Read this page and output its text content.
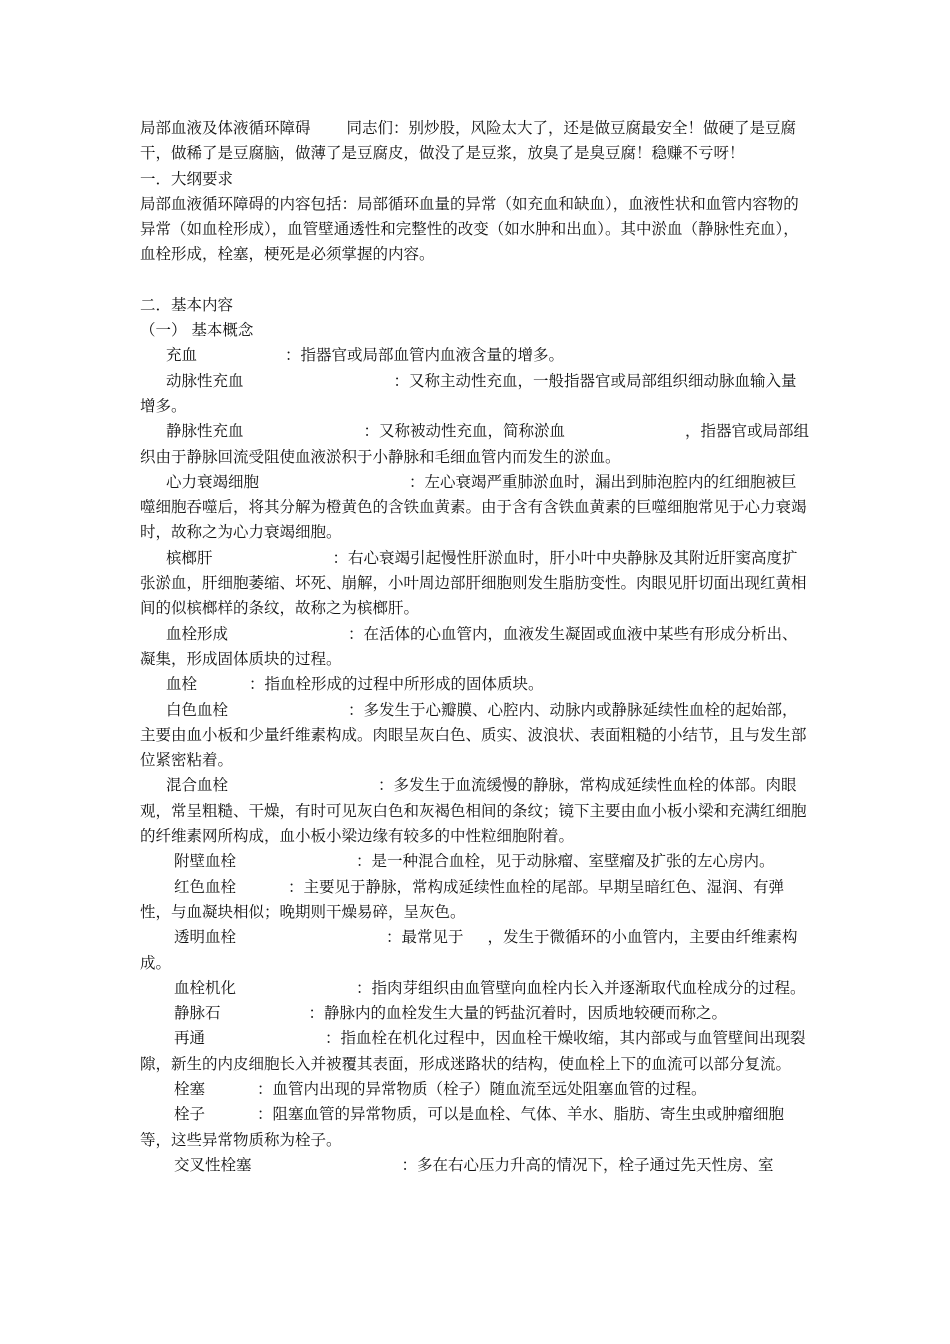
局部血液及体液循环障碍 同志们：别炒股，风险太大了，还是做豆腐最安全！做硬了是豆腐干，做稀了是豆腐脑，做薄了是豆腐皮，做没了是豆浆，放臭了是臭豆腐！稳赚不亏呀！

一．大纲要求

局部血液循环障碍的内容包括：局部循环血量的异常（如充血和缺血），血液性状和血管内容物的异常（如血栓形成），血管壁通透性和完整性的改变（如水肿和出血）。其中淤血（静脉性充血），血栓形成，栓塞，梗死是必须掌握的内容。

二．基本内容

（一） 基本概念

充血	：指器官或局部血管内血液含量的增多。

动脉性充血	：又称主动性充血，一般指器官或局部组织细动脉血输入量增多。

静脉性充血	：又称被动性充血，简称淤血	，指器官或局部组织由于静脉回流受阻使血液淤积于小静脉和毛细血管内而发生的淤血。

心力衰竭细胞	：左心衰竭严重肺淤血时，漏出到肺泡腔内的红细胞被巨噬细胞吞噬后，将其分解为橙黄色的含铁血黄素。由于含有含铁血黄素的巨噬细胞常见于心力衰竭时，故称之为心力衰竭细胞。

槟榔肝	：右心衰竭引起慢性肝淤血时，肝小叶中央静脉及其附近肝窦高度扩张淤血，肝细胞萎缩、坏死、崩解，小叶周边部肝细胞则发生脂肪变性。肉眼见肝切面出现红黄相间的似槟榔样的条纹，故称之为槟榔肝。

血栓形成	：在活体的心血管内，血液发生凝固或血液中某些有形成分析出、凝集，形成固体质块的过程。

血栓	：指血栓形成的过程中所形成的固体质块。

白色血栓	：多发生于心瓣膜、心腔内、动脉内或静脉延续性血栓的起始部，主要由血小板和少量纤维素构成。肉眼呈灰白色、质实、波浪状、表面粗糙的小结节，且与发生部位紧密粘着。

混合血栓	：多发生于血流缓慢的静脉，常构成延续性血栓的体部。肉眼观，常呈粗糙、干燥，有时可见灰白色和灰褐色相间的条纹；镜下主要由血小板小梁和充满红细胞的纤维素网所构成，血小板小梁边缘有较多的中性粒细胞附着。

附壁血栓	：是一种混合血栓，见于动脉瘤、室壁瘤及扩张的左心房内。

红色血栓	：主要见于静脉，常构成延续性血栓的尾部。早期呈暗红色、湿润、有弹性，与血凝块相似；晚期则干燥易碎，呈灰色。

透明血栓	：最常见于 ，发生于微循环的小血管内，主要由纤维素构成。

血栓机化	：指肉芽组织由血管壁向血栓内长入并逐渐取代血栓成分的过程。

静脉石	：静脉内的血栓发生大量的钙盐沉着时，因质地较硬而称之。

再通	：指血栓在机化过程中，因血栓干燥收缩，其内部或与血管壁间出现裂隙，新生的内皮细胞长入并被覆其表面，形成迷路状的结构，使血栓上下的血流可以部分复流。

栓塞	：血管内出现的异常物质（栓子）随血流至远处阻塞血管的过程。

栓子	：阻塞血管的异常物质，可以是血栓、气体、羊水、脂肪、寄生虫或肿瘤细胞等，这些异常物质称为栓子。

交叉性栓塞	：多在右心压力升高的情况下，栓子通过先天性房、室
